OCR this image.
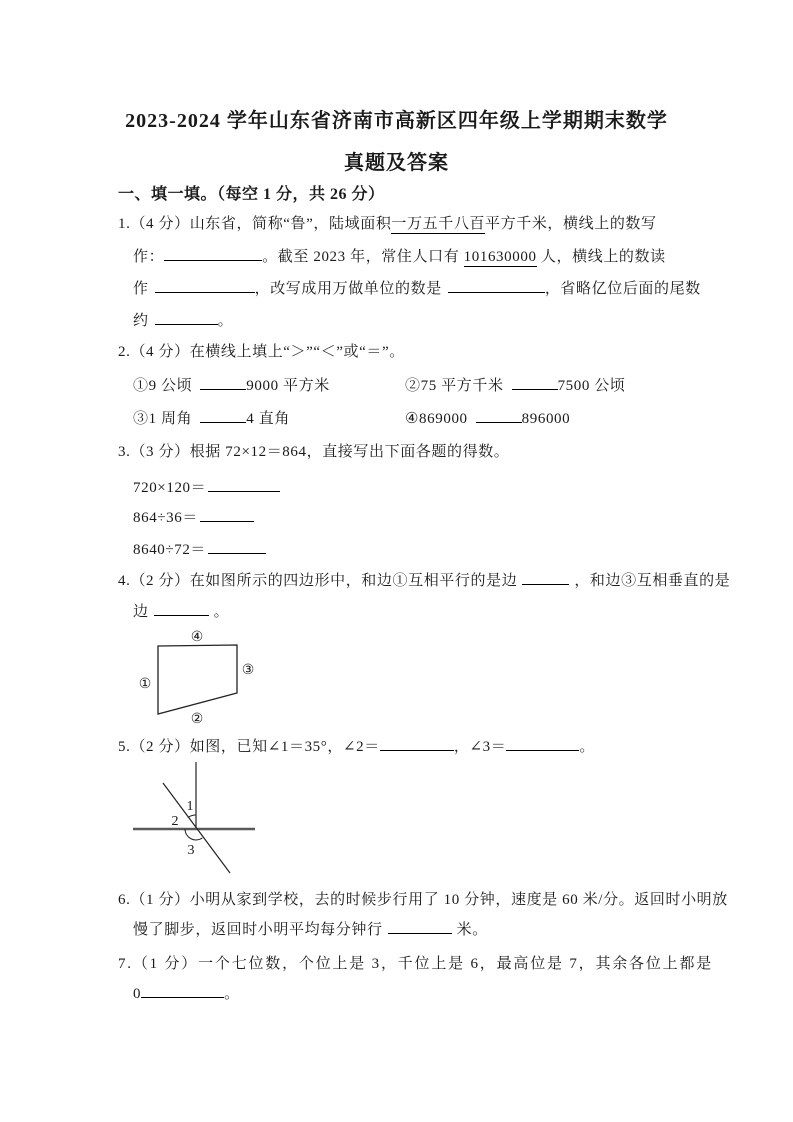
2023-2024 学年山东省济南市高新区四年级上学期期末数学
真题及答案
一、填一填。（每空 1 分，共 26 分）
1.（4 分）山东省，简称“鲁”，陆域面积一万五千八百平方千米，横线上的数写
作：	。截至 2023 年，常住人口有 101630000 人，横线上的数读
作	，改写成用万做单位的数是	，省略亿位后面的尾数
约	。
2.（4 分）在横线上填上“＞”“＜”或“＝”。
①9 公顷	9000 平方米	②75 平方千米	7500 公顷
③1 周角	4 直角	④869000	896000
3.（3 分）根据 72×12＝864，直接写出下面各题的得数。
720×120＝
864÷36＝
8640÷72＝
4.（2 分）在如图所示的四边形中，和边①互相平行的是边	，和边③互相垂直的是
边	。
④
③
①
②
5.（2 分）如图，已知∠1＝35°，∠2＝	，∠3＝	。
1
2
3
6.（1 分）小明从家到学校，去的时候步行用了 10 分钟，速度是 60 米/分。返回时小明放
慢了脚步，返回时小明平均每分钟行	米。
7.（1 分）一个七位数，个位上是 3，千位上是 6，最高位是 7，其余各位上都是
0	。
